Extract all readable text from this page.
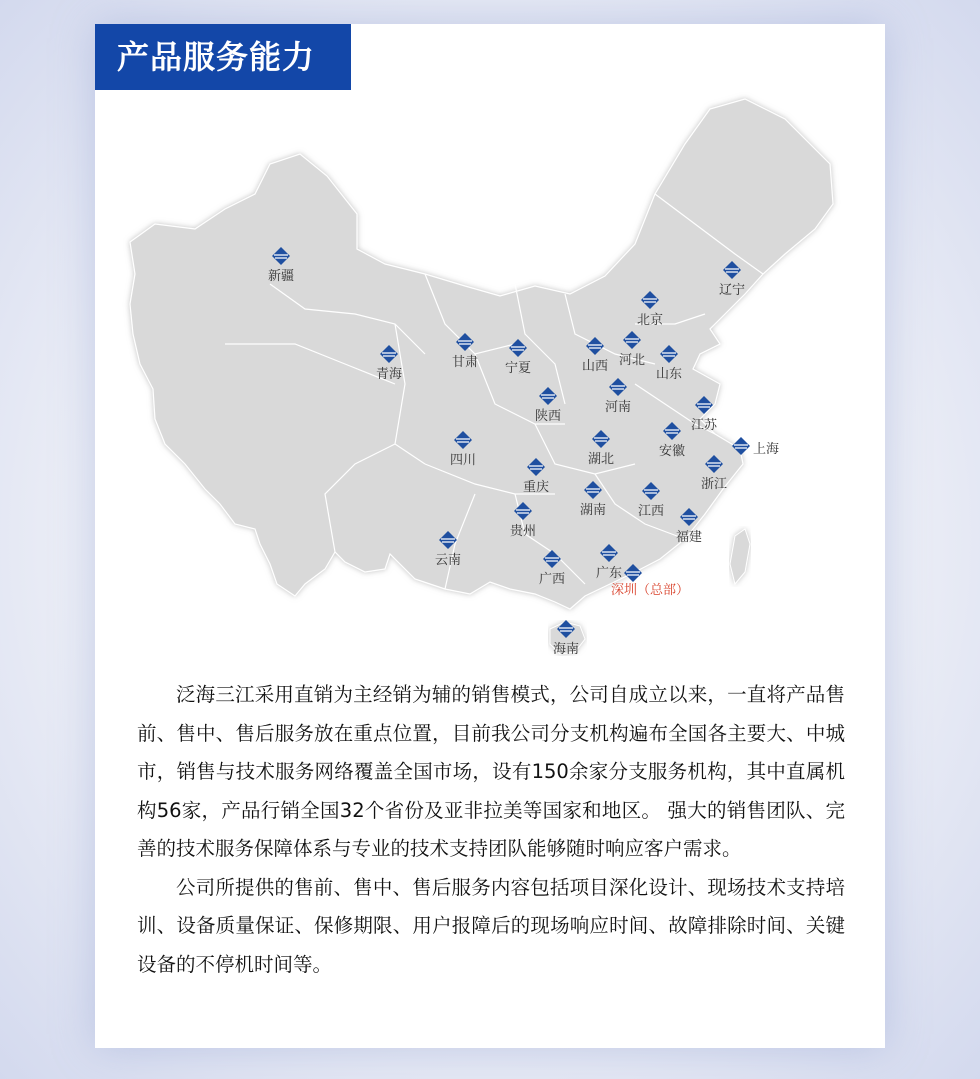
新疆
辽宁
北京
青海
甘肃	宁夏	山西 河北
山东
陕西
河南
江苏
四川	湖北
安徽	上海
重庆	浙江
湖南	江西
贵州	福建
云南
广西	广东
深圳（总部）
海南
产品服务能力

泛海三江采用直销为主经销为辅的销售模式，公司自成立以来，一直将产品售前、售中、售后服务放在重点位置，目前我公司分支机构遍布全国各主要大、中城市，销售与技术服务网络覆盖全国市场，设有150余家分支服务机构，其中直属机构56家，产品行销全国32个省份及亚非拉美等国家和地区。 强大的销售团队、完善的技术服务保障体系与专业的技术支持团队能够随时响应客户需求。

公司所提供的售前、售中、售后服务内容包括项目深化设计、现场技术支持培训、设备质量保证、保修期限、用户报障后的现场响应时间、故障排除时间、关键设备的不停机时间等。
